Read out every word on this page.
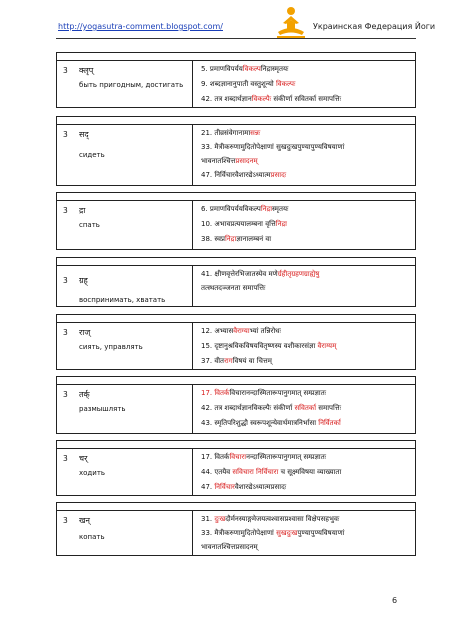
http://yogasutra-comment.blogspot.com/	Украинская Федерация Йоги
3 क्लृप्
быть пригодным, достигать
5. प्रमाणविपर्ययविकल्पनिद्रास्मृतयः
9. शब्दज्ञानानुपाती वस्तुशून्यो विकल्पः
42. तत्र शब्दार्थज्ञानविकल्पैः संकीर्णा सवितर्का समापत्तिः
3 सद्
сидеть
21. तीव्रसंवेगानामासन्नः
33. मैत्रीकरुणामुदितोपेक्षाणां सुखदुःखपुण्यापुण्यविषयाणां
भावनातश्चित्तप्रसादनम्
47. निर्विचारवैशारद्येऽध्यात्मप्रसादः
3 द्रा
спать
6. प्रमाणविपर्ययविकल्पनिद्रास्मृतयः
10. अभावप्रत्ययालम्बना वृत्तिनिद्रा
38. स्वप्ननिद्राज्ञानालम्बनं वा
3 ग्रह्
воспринимать, хватать
41. क्षीणवृत्तेरभिजातस्येव मणेर्ग्रहीतृग्रहणग्राह्येषु
तत्स्थतदञ्जनता समापत्तिः
3 राज्
сиять, управлять
12. अभ्यासवैराग्याभ्यां तन्निरोधः
15. दृष्टानुश्रविकविषयवितृष्णस्य वशीकारसंज्ञा वैराग्यम्
37. वीतरागविषयं वा चित्तम्
3 तर्क्
размышлять
17. वितर्कविचारानन्दास्मितारूपानुगमात् सम्प्रज्ञातः
42. तत्र शब्दार्थज्ञानविकल्पैः संकीर्णा सवितर्का समापत्तिः
43. स्मृतिपरिशुद्धौ स्वरूपशून्येवार्थमात्रनिर्भासा निर्वितर्का
3 चर्
ходить
17. वितर्कविचारानन्दास्मितारूपानुगमात् सम्प्रज्ञातः
44. एतयैव सविचारा निर्विचारा च सूक्ष्मविषया व्याख्याता
47. निर्विचारवैशारद्येऽध्यात्मप्रसादः
3 खन्
копать
31. दुःखदौर्मनस्याङ्गमेजयत्वश्वासप्रश्वासा विक्षेपसहभुवः
33. मैत्रीकरुणामुदितोपेक्षाणां सुखदुःखपुण्यापुण्यविषयाणां
भावनातश्चित्तप्रसादनम्
6
